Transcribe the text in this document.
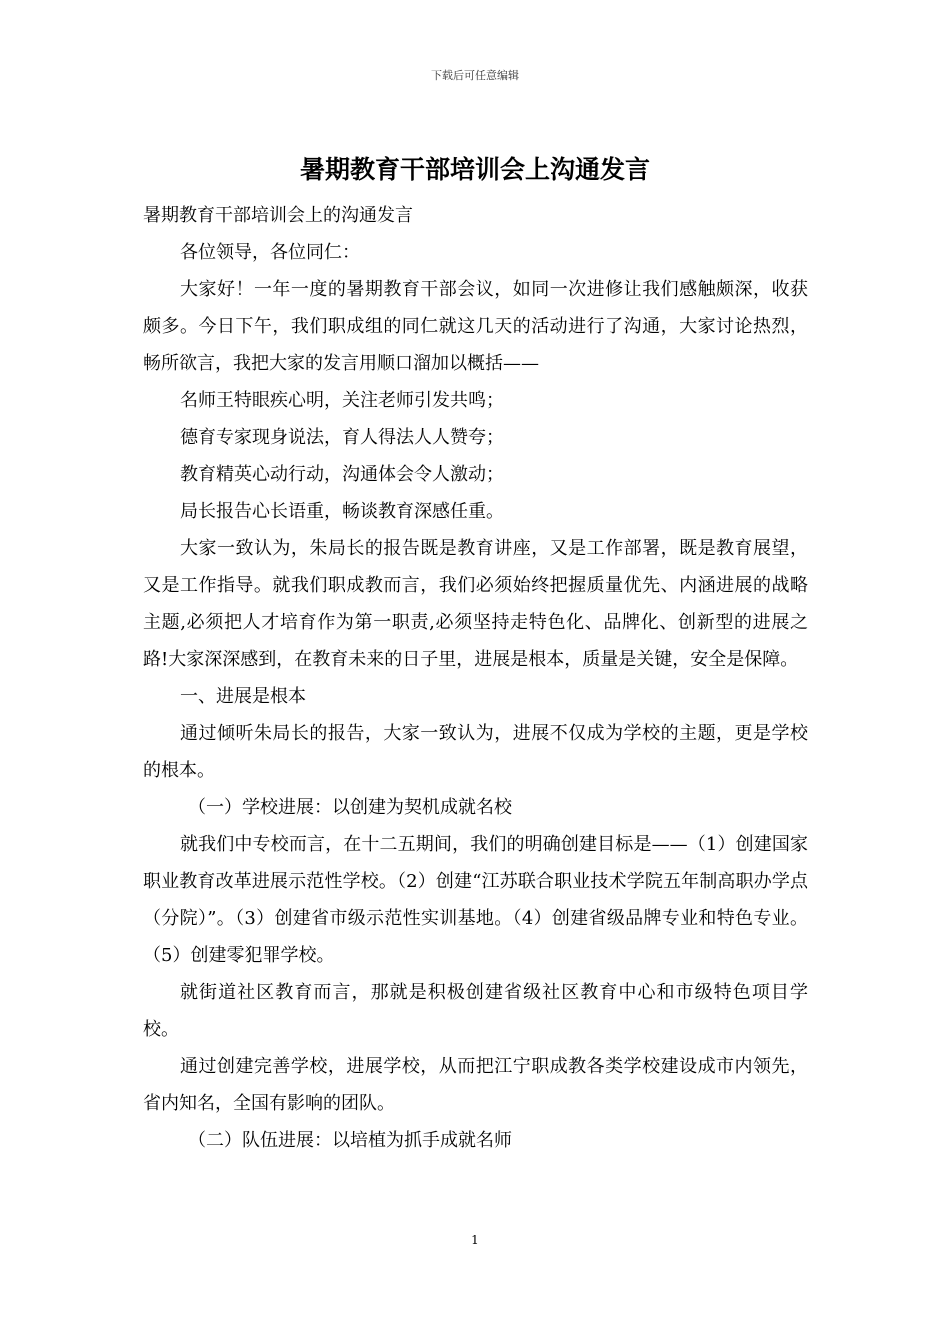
下载后可任意编辑
暑期教育干部培训会上沟通发言

暑期教育干部培训会上的沟通发言

各位领导，各位同仁：

大家好！一年一度的暑期教育干部会议，如同一次进修让我们感触颇深，收获颇多。今日下午，我们职成组的同仁就这几天的活动进行了沟通，大家讨论热烈，畅所欲言，我把大家的发言用顺口溜加以概括——

名师王特眼疾心明，关注老师引发共鸣；

德育专家现身说法，育人得法人人赞夸；

教育精英心动行动，沟通体会令人激动；

局长报告心长语重，畅谈教育深感任重。

大家一致认为，朱局长的报告既是教育讲座，又是工作部署，既是教育展望，又是工作指导。就我们职成教而言，我们必须始终把握质量优先、内涵进展的战略主题,必须把人才培育作为第一职责,必须坚持走特色化、品牌化、创新型的进展之路!大家深深感到，在教育未来的日子里，进展是根本，质量是关键，安全是保障。

一、进展是根本

通过倾听朱局长的报告，大家一致认为，进展不仅成为学校的主题，更是学校的根本。

（一）学校进展：以创建为契机成就名校

就我们中专校而言，在十二五期间，我们的明确创建目标是——（1）创建国家职业教育改革进展示范性学校。（2）创建“江苏联合职业技术学院五年制高职办学点（分院）”。（3）创建省市级示范性实训基地。（4）创建省级品牌专业和特色专业。（5）创建零犯罪学校。

就街道社区教育而言，那就是积极创建省级社区教育中心和市级特色项目学校。

通过创建完善学校，进展学校，从而把江宁职成教各类学校建设成市内领先，省内知名，全国有影响的团队。

（二）队伍进展：以培植为抓手成就名师

1
